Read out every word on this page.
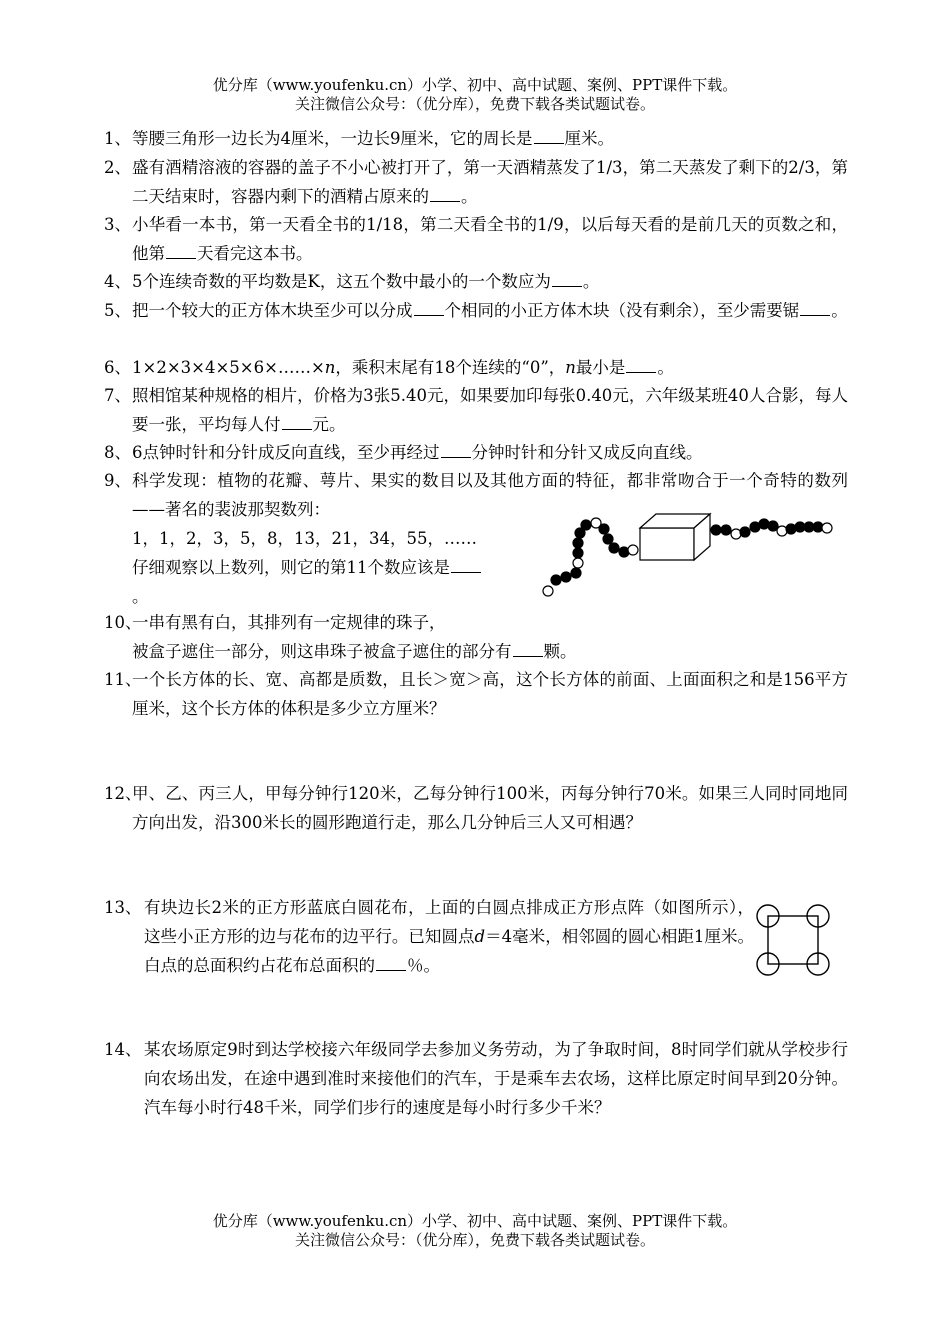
优分库（www.youfenku.cn）小学、初中、高中试题、案例、PPT课件下载。
关注微信公众号：（优分库），免费下载各类试题试卷。
1、 等腰三角形一边长为4厘米，一边长9厘米，它的周长是 厘米。
2、 盛有酒精溶液的容器的盖子不小心被打开了，第一天酒精蒸发了1/3，第二天蒸发了剩下的2/3，第二天结束时，容器内剩下的酒精占原来的 。
3、 小华看一本书，第一天看全书的1/18，第二天看全书的1/9，以后每天看的是前几天的页数之和，他第 天看完这本书。
4、 5个连续奇数的平均数是K，这五个数中最小的一个数应为 。
5、 把一个较大的正方体木块至少可以分成 个相同的小正方体木块（没有剩余），至少需要锯 。
6、 1×2×3×4×5×6×……×n，乘积末尾有18个连续的“0”，n最小是 。
7、 照相馆某种规格的相片，价格为3张5.40元，如果要加印每张0.40元，六年级某班40人合影，每人要一张，平均每人付 元。
8、 6点钟时针和分针成反向直线，至少再经过 分钟时针和分针又成反向直线。
9、 科学发现：植物的花瓣、萼片、果实的数目以及其他方面的特征，都非常吻合于一个奇特的数列——著名的裴波那契数列：
1，1，2，3，5，8，13，21，34，55，……
仔细观察以上数列，则它的第11个数应该是
。
10、
一串有黑有白，其排列有一定规律的珠子，
被盒子遮住一部分，则这串珠子被盒子遮住的部分有 颗。
11、
一个长方体的长、宽、高都是质数，且长＞宽＞高，这个长方体的前面、上面面积之和是156平方厘米，这个长方体的体积是多少立方厘米？
12、
甲、乙、丙三人，甲每分钟行120米，乙每分钟行100米，丙每分钟行70米。如果三人同时同地同方向出发，沿300米长的圆形跑道行走，那么几分钟后三人又可相遇？
13、 有块边长2米的正方形蓝底白圆花布，上面的白圆点排成正方形点阵（如图所示），这些小正方形的边与花布的边平行。已知圆点d＝4毫米，相邻圆的圆心相距1厘米。白点的总面积约占花布总面积的 ％。
14、 某农场原定9时到达学校接六年级同学去参加义务劳动，为了争取时间，8时同学们就从学校步行向农场出发，在途中遇到准时来接他们的汽车，于是乘车去农场，这样比原定时间早到20分钟。汽车每小时行48千米，同学们步行的速度是每小时行多少千米？
优分库（www.youfenku.cn）小学、初中、高中试题、案例、PPT课件下载。
关注微信公众号：（优分库），免费下载各类试题试卷。
